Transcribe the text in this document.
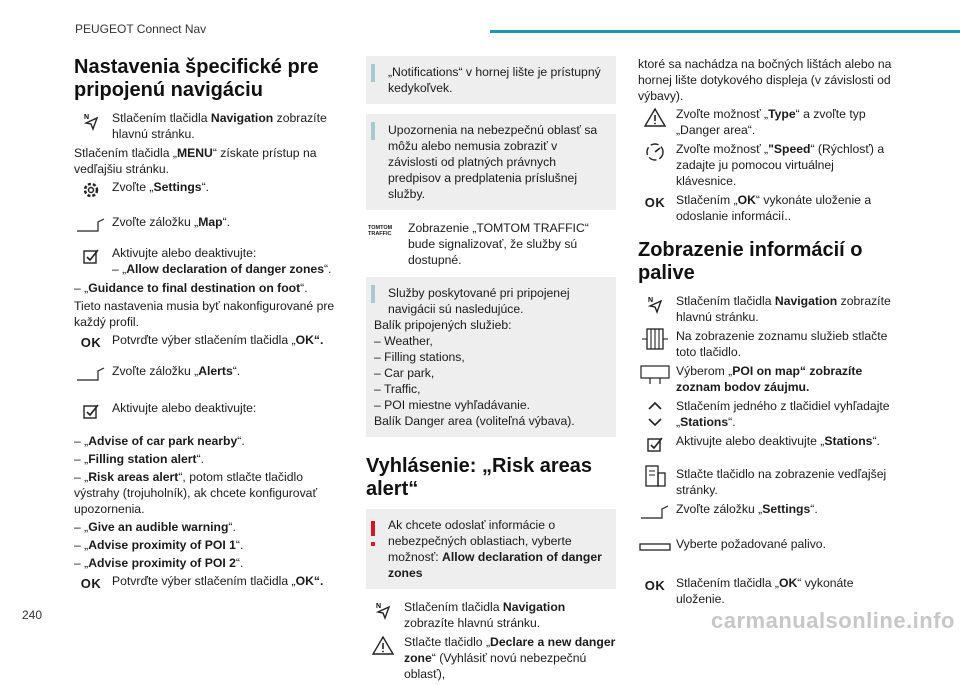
PEUGEOT Connect Nav
Nastavenia špecifické pre pripojenú navigáciu
N Stlačením tlačidla Navigation zobrazíte hlavnú stránku.
Stlačením tlačidla „MENU“ získate prístup na vedľajšiu stránku.
Zvoľte „Settings“.
Zvoľte záložku „Map“.
Aktivujte alebo deaktivujte:
– „Allow declaration of danger zones“.
– „Guidance to final destination on foot“.
Tieto nastavenia musia byť nakonfigurované pre každý profil.
OK Potvrďte výber stlačením tlačidla „OK“.
Zvoľte záložku „Alerts“.
Aktivujte alebo deaktivujte:
– „Advise of car park nearby“.
– „Filling station alert“.
– „Risk areas alert“, potom stlačte tlačidlo výstrahy (trojuholník), ak chcete konfigurovať upozornenia.
– „Give an audible warning“.
– „Advise proximity of POI 1“.
– „Advise proximity of POI 2“.
OK Potvrďte výber stlačením tlačidla „OK“.
„Notifications“ v hornej lište je prístupný kedykoľvek.
Upozornenia na nebezpečnú oblasť sa môžu alebo nemusia zobraziť v závislosti od platných právnych predpisov a predplatenia príslušnej služby.
TOMTOM TRAFFIC	Zobrazenie „TOMTOM TRAFFIC“ bude signalizovať, že služby sú dostupné.
Služby poskytované pri pripojenej navigácii sú nasledujúce.
Balík pripojených služieb:
– Weather,
– Filling stations,
– Car park,
– Traffic,
– POI miestne vyhľadávanie.
Balík Danger area (voliteľná výbava).
Vyhlásenie: „Risk areas alert“
Ak chcete odoslať informácie o nebezpečných oblastiach, vyberte možnosť: Allow declaration of danger zones
N Stlačením tlačidla Navigation zobrazíte hlavnú stránku.
Stlačte tlačidlo „Declare a new danger zone“ (Vyhlásiť novú nebezpečnú oblasť),
ktoré sa nachádza na bočných lištách alebo na hornej lište dotykového displeja (v závislosti od výbavy).
Zvoľte možnosť „Type“ a zvoľte typ „Danger area“.
Zvoľte možnosť „"Speed“ (Rýchlosť) a zadajte ju pomocou virtuálnej klávesnice.
OK Stlačením „OK“ vykonáte uloženie a odoslanie informácií..
Zobrazenie informácií o palive
N Stlačením tlačidla Navigation zobrazíte hlavnú stránku.
Na zobrazenie zoznamu služieb stlačte toto tlačidlo.
Výberom „POI on map“ zobrazíte zoznam bodov záujmu.
Stlačením jedného z tlačidiel vyhľadajte „Stations“.
Aktivujte alebo deaktivujte „Stations“.
Stlačte tlačidlo na zobrazenie vedľajšej stránky.
Zvoľte záložku „Settings“.
Vyberte požadované palivo.
OK Stlačením tlačidla „OK“ vykonáte uloženie.
240	carmanualsonline.info
